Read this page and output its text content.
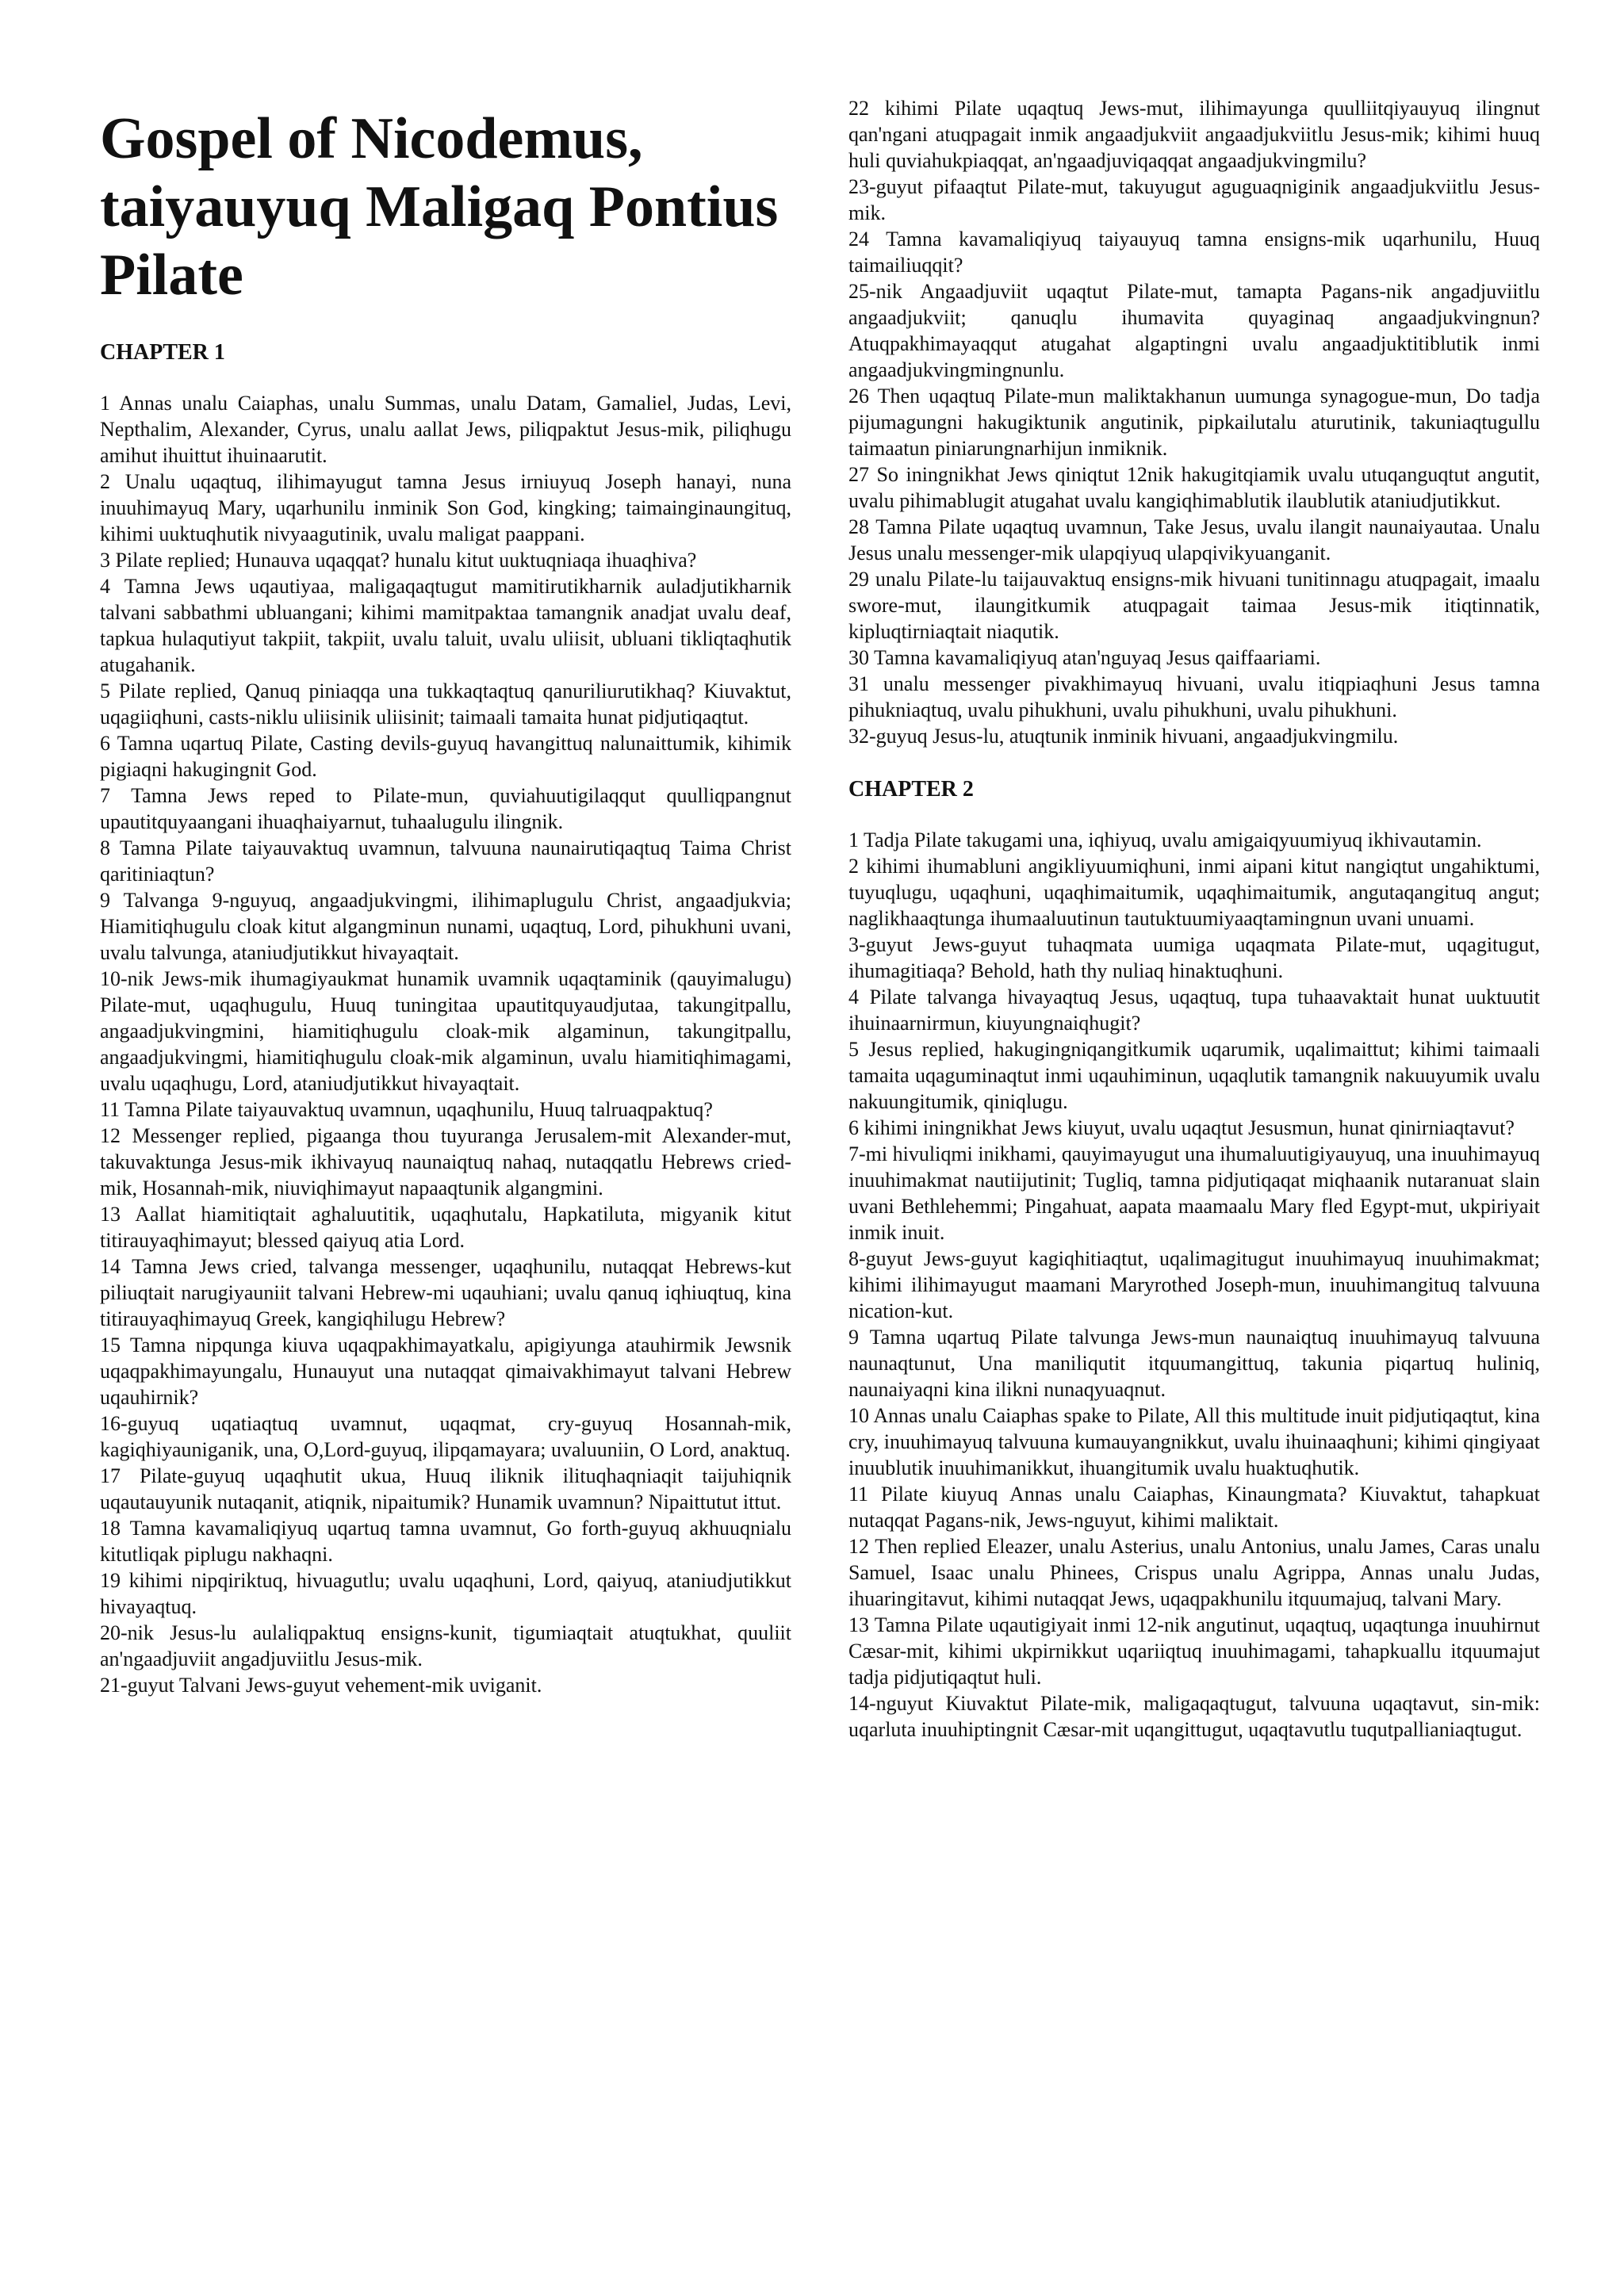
Gospel of Nicodemus, taiyauyuq Maligaq Pontius Pilate
CHAPTER 1

1 Annas unalu Caiaphas, unalu Summas, unalu Datam, Gamaliel, Judas, Levi, Nepthalim, Alexander, Cyrus, unalu aallat Jews, piliqpaktut Jesus-mik, piliqhugu amihut ihuittut ihuinaarutit.

2 Unalu uqaqtuq, ilihimayugut tamna Jesus irniuyuq Joseph hanayi, nuna inuuhimayuq Mary, uqarhunilu inminik Son God, kingking; taimainginaungituq, kihimi uuktuqhutik nivyaagutinik, uvalu maligat paappani.

3 Pilate replied; Hunauva uqaqqat? hunalu kitut uuktuqniaqa ihuaqhiva?

4 Tamna Jews uqautiyaa, maligaqaqtugut mamitirutikharnik auladjutikharnik talvani sabbathmi ubluangani; kihimi mamitpaktaa tamangnik anadjat uvalu deaf, tapkua hulaqutiyut takpiit, takpiit, uvalu taluit, uvalu uliisit, ubluani tikliqtaqhutik atugahanik.

5 Pilate replied, Qanuq piniaqqa una tukkaqtaqtuq qanuriliurutikhaq? Kiuvaktut, uqagiiqhuni, casts-niklu uliisinik uliisinit; taimaali tamaita hunat pidjutiqaqtut.

6 Tamna uqartuq Pilate, Casting devils-guyuq havangittuq nalunaittumik, kihimik pigiaqni hakugingnit God.

7 Tamna Jews reped to Pilate-mun, quviahuutigilaqqut quulliqpangnut upautitquyaangani ihuaqhaiyarnut, tuhaalugulu ilingnik.

8 Tamna Pilate taiyauvaktuq uvamnun, talvuuna naunairutiqaqtuq Taima Christ qaritiniaqtun?

9 Talvanga 9-nguyuq, angaadjukvingmi, ilihimaplugulu Christ, angaadjukvia; Hiamitiqhugulu cloak kitut algangminun nunami, uqaqtuq, Lord, pihukhuni uvani, uvalu talvunga, ataniudjutikkut hivayaqtait.

10-nik Jews-mik ihumagiyaukmat hunamik uvamnik uqaqtaminik (qauyimalugu) Pilate-mut, uqaqhugulu, Huuq tuningitaa upautitquyaudjutaa, takungitpallu, angaadjukvingmini, hiamitiqhugulu cloak-mik algaminun, takungitpallu, angaadjukvingmi, hiamitiqhugulu cloak-mik algaminun, uvalu hiamitiqhimagami, uvalu uqaqhugu, Lord, ataniudjutikkut hivayaqtait.

11 Tamna Pilate taiyauvaktuq uvamnun, uqaqhunilu, Huuq talruaqpaktuq?

12 Messenger replied, pigaanga thou tuyuranga Jerusalem-mit Alexander-mut, takuvaktunga Jesus-mik ikhivayuq naunaiqtuq nahaq, nutaqqatlu Hebrews cried-mik, Hosannah-mik, niuviqhimayut napaaqtunik algangmini.

13 Aallat hiamitiqtait aghaluutitik, uqaqhutalu, Hapkatiluta, migyanik kitut titirauyaqhimayut; blessed qaiyuq atia Lord.

14 Tamna Jews cried, talvanga messenger, uqaqhunilu, nutaqqat Hebrews-kut piliuqtait narugiyauniit talvani Hebrew-mi uqauhiani; uvalu qanuq iqhiuqtuq, kina titirauyaqhimayuq Greek, kangiqhilugu Hebrew?

15 Tamna nipqunga kiuva uqaqpakhimayatkalu, apigiyunga atauhirmik Jewsnik uqaqpakhimayungalu, Hunauyut una nutaqqat qimaivakhimayut talvani Hebrew uqauhirnik?

16-guyuq uqatiaqtuq uvamnut, uqaqmat, cry-guyuq Hosannah-mik, kagiqhiyauniganik, una, O,Lord-guyuq, ilipqamayara; uvaluuniin, O Lord, anaktuq.

17 Pilate-guyuq uqaqhutit ukua, Huuq iliknik ilituqhaqniaqit taijuhiqnik uqautauyunik nutaqanit, atiqnik, nipaitumik? Hunamik uvamnun? Nipaittutut ittut.

18 Tamna kavamaliqiyuq uqartuq tamna uvamnut, Go forth-guyuq akhuuqnialu kitutliqak piplugu nakhaqni.

19 kihimi nipqiriktuq, hivuagutlu; uvalu uqaqhuni, Lord, qaiyuq, ataniudjutikkut hivayaqtuq.

20-nik Jesus-lu aulaliqpaktuq ensigns-kunit, tigumiaqtait atuqtukhat, quuliit an'ngaadjuviit angadjuviitlu Jesus-mik.

21-guyut Talvani Jews-guyut vehement-mik uviganit.

22 kihimi Pilate uqaqtuq Jews-mut, ilihimayunga quulliitqiyauyuq ilingnut qan'ngani atuqpagait inmik angaadjukviit angaadjukviitlu Jesus-mik; kihimi huuq huli quviahukpiaqqat, an'ngaadjuviqaqqat angaadjukvingmilu?

23-guyut pifaaqtut Pilate-mut, takuyugut aguguaqniginik angaadjukviitlu Jesus-mik.

24 Tamna kavamaliqiyuq taiyauyuq tamna ensigns-mik uqarhunilu, Huuq taimailiuqqit?

25-nik Angaadjuviit uqaqtut Pilate-mut, tamapta Pagans-nik angadjuviitlu angaadjukviit; qanuqlu ihumavita quyaginaq angaadjukvingnun? Atuqpakhimayaqqut atugahat algaptingni uvalu angaadjuktitiblutik inmi angaadjukvingmingnunlu.

26 Then uqaqtuq Pilate-mun maliktakhanun uumunga synagogue-mun, Do tadja pijumagungni hakugiktunik angutinik, pipkailutalu aturutinik, takuniaqtugullu taimaatun piniarungnarhijun inmiknik.

27 So iningnikhat Jews qiniqtut 12nik hakugitqiamik uvalu utuqanguqtut angutit, uvalu pihimablugit atugahat uvalu kangiqhimablutik ilaublutik ataniudjutikkut.

28 Tamna Pilate uqaqtuq uvamnun, Take Jesus, uvalu ilangit naunaiyautaa. Unalu Jesus unalu messenger-mik ulapqiyuq ulapqivikyuanganit.

29 unalu Pilate-lu taijauvaktuq ensigns-mik hivuani tunitinnagu atuqpagait, imaalu swore-mut, ilaungitkumik atuqpagait taimaa Jesus-mik itiqtinnatik, kipluqtirniaqtait niaqutik.

30 Tamna kavamaliqiyuq atan'nguyaq Jesus qaiffaariami.

31 unalu messenger pivakhimayuq hivuani, uvalu itiqpiaqhuni Jesus tamna pihukniaqtuq, uvalu pihukhuni, uvalu pihukhuni, uvalu pihukhuni.

32-guyuq Jesus-lu, atuqtunik inminik hivuani, angaadjukvingmilu.

CHAPTER 2

1 Tadja Pilate takugami una, iqhiyuq, uvalu amigaiqyuumiyuq ikhivautamin.

2 kihimi ihumabluni angikliyuumiqhuni, inmi aipani kitut nangiqtut ungahiktumi, tuyuqlugu, uqaqhuni, uqaqhimaitumik, uqaqhimaitumik, angutaqangituq angut; naglikhaaqtunga ihumaaluutinun tautuktuumiyaaqtamingnun uvani unuami.

3-guyut Jews-guyut tuhaqmata uumiga uqaqmata Pilate-mut, uqagitugut, ihumagitiaqa? Behold, hath thy nuliaq hinaktuqhuni.

4 Pilate talvanga hivayaqtuq Jesus, uqaqtuq, tupa tuhaavaktait hunat uuktuutit ihuinaarnirmun, kiuyungnaiqhugit?

5 Jesus replied, hakugingniqangitkumik uqarumik, uqalimaittut; kihimi taimaali tamaita uqaguminaqtut inmi uqauhiminun, uqaqlutik tamangnik nakuuyumik uvalu nakuungitumik, qiniqlugu.

6 kihimi iningnikhat Jews kiuyut, uvalu uqaqtut Jesusmun, hunat qinirniaqtavut?

7-mi hivuliqmi inikhami, qauyimayugut una ihumaluutigiyauyuq, una inuuhimayuq inuuhimakmat nautiijutinit; Tugliq, tamna pidjutiqaqat miqhaanik nutaranuat slain uvani Bethlehemmi; Pingahuat, aapata maamaalu Mary fled Egypt-mut, ukpiriyait inmik inuit.

8-guyut Jews-guyut kagiqhitiaqtut, uqalimagitugut inuuhimayuq inuuhimakmat; kihimi ilihimayugut maamani Maryrothed Joseph-mun, inuuhimangituq talvuuna nication-kut.

9 Tamna uqartuq Pilate talvunga Jews-mun naunaiqtuq inuuhimayuq talvuuna naunaqtunut, Una maniliqutit itquumangittuq, takunia piqartuq huliniq, naunaiyaqni kina ilikni nunaqyuaqnut.

10 Annas unalu Caiaphas spake to Pilate, All this multitude inuit pidjutiqaqtut, kina cry, inuuhimayuq talvuuna kumauyangnikkut, uvalu ihuinaaqhuni; kihimi qingiyaat inuublutik inuuhimanikkut, ihuangitumik uvalu huaktuqhutik.

11 Pilate kiuyuq Annas unalu Caiaphas, Kinaungmata? Kiuvaktut, tahapkuat nutaqqat Pagans-nik, Jews-nguyut, kihimi maliktait.

12 Then replied Eleazer, unalu Asterius, unalu Antonius, unalu James, Caras unalu Samuel, Isaac unalu Phinees, Crispus unalu Agrippa, Annas unalu Judas, ihuaringitavut, kihimi nutaqqat Jews, uqaqpakhunilu itquumajuq, talvani Mary.

13 Tamna Pilate uqautigiyait inmi 12-nik angutinut, uqaqtuq, uqaqtunga inuuhirnut Cæsar-mit, kihimi ukpirnikkut uqariiqtuq inuuhimagami, tahapkuallu itquumajut tadja pidjutiqaqtut huli.

14-nguyut Kiuvaktut Pilate-mik, maligaqaqtugut, talvuuna uqaqtavut, sin-mik: uqarluta inuuhiptingnit Cæsar-mit uqangittugut, uqaqtavutlu tuqutpallianiaqtugut.
